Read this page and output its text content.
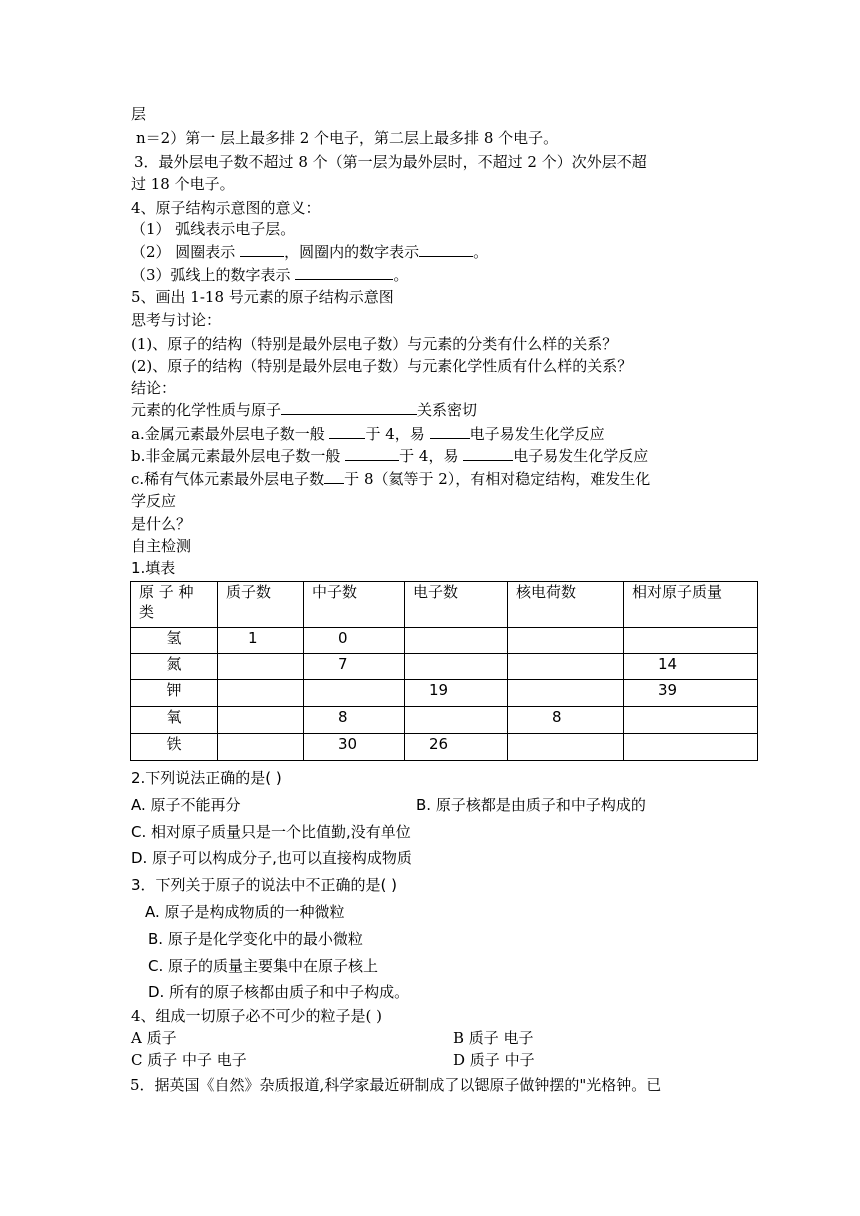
层
n＝2）第一 层上最多排 2 个电子，第二层上最多排 8 个电子。
3．最外层电子数不超过 8 个（第一层为最外层时，不超过 2 个）次外层不超
过 18 个电子。
4、原子结构示意图的意义：
（1） 弧线表示电子层。
（2） 圆圈表示	，圆圈内的数字表示	。
（3）弧线上的数字表示	。
5、画出 1-18 号元素的原子结构示意图
思考与讨论：
(1)、原子的结构（特别是最外层电子数）与元素的分类有什么样的关系？
(2)、原子的结构（特别是最外层电子数）与元素化学性质有什么样的关系？
结论：
元素的化学性质与原子	关系密切
a.金属元素最外层电子数一般 于 4，易	电子易发生化学反应
b.非金属元素最外层电子数一般	于 4，易	电子易发生化学反应
c.稀有气体元素最外层电子数 于 8（氦等于 2），有相对稳定结构，难发生化
学反应
是什么？
自主检测
1.填表
原 子 种 类	质子数	中子数	电子数	核电荷数	相对原子质量
氢	1	0			
氮		7			14
钾			19		39
氧		8		8	
铁		30	26		
2.下列说法正确的是( )
A. 原子不能再分	B. 原子核都是由质子和中子构成的
C. 相对原子质量只是一个比值勤,没有单位
D. 原子可以构成分子,也可以直接构成物质
3．下列关于原子的说法中不正确的是( )
A. 原子是构成物质的一种微粒
B. 原子是化学变化中的最小微粒
C. 原子的质量主要集中在原子核上
D. 所有的原子核都由质子和中子构成。
4、组成一切原子必不可少的粒子是( )
A 质子	B 质子 电子
C 质子 中子 电子	D 质子 中子
5．据英国《自然》杂质报道,科学家最近研制成了以锶原子做钟摆的"光格钟。已
